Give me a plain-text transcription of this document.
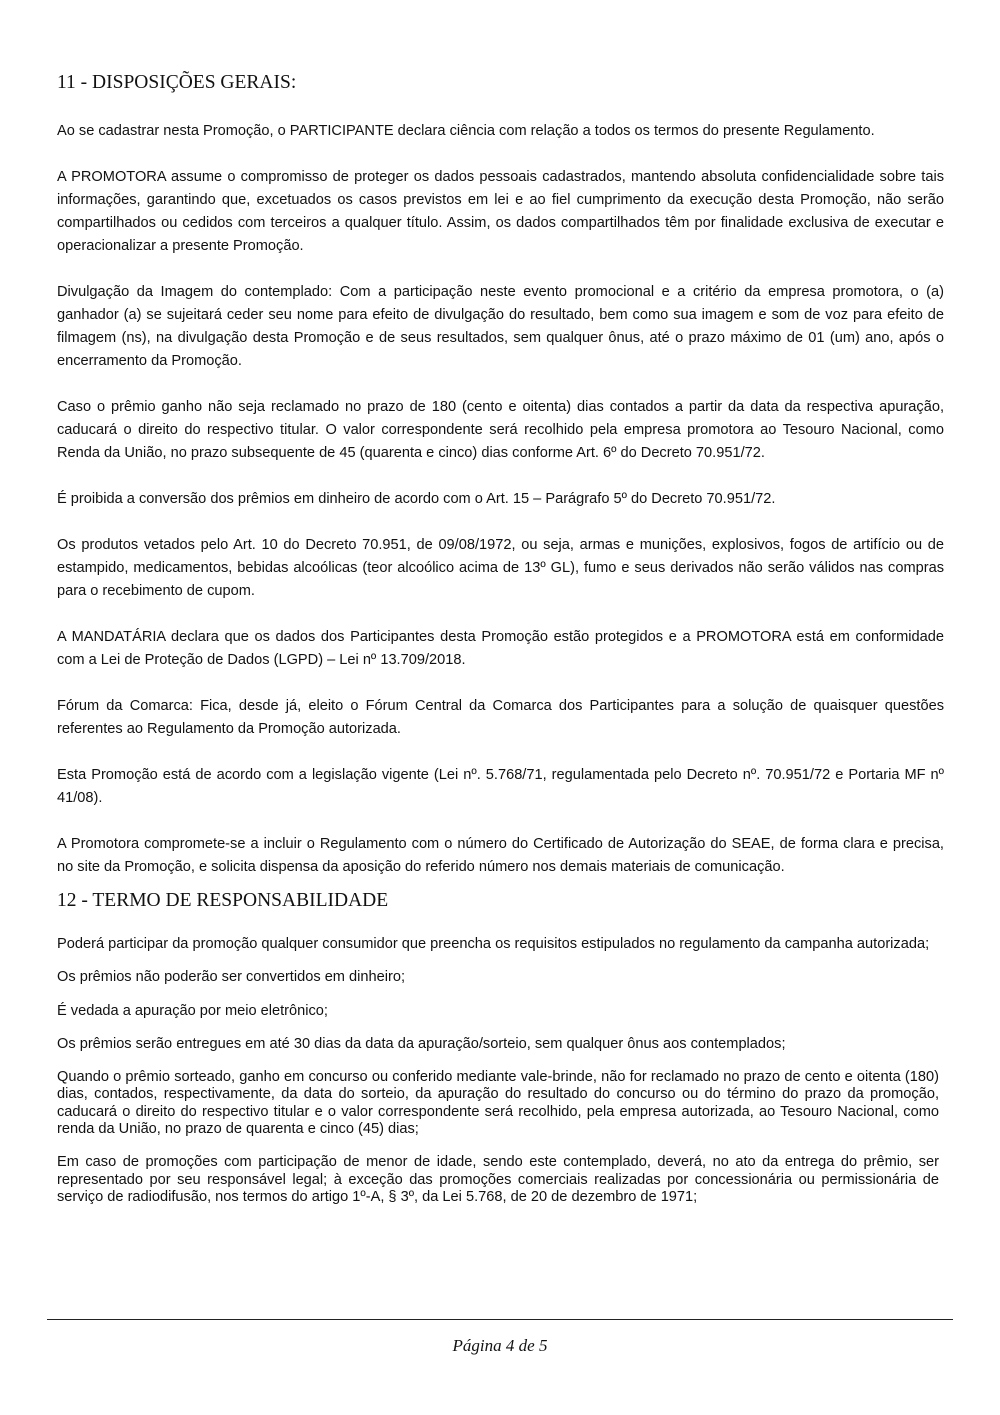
11 - DISPOSIÇÕES GERAIS:

Ao se cadastrar nesta Promoção, o PARTICIPANTE declara ciência com relação a todos os termos do presente Regulamento.

A PROMOTORA assume o compromisso de proteger os dados pessoais cadastrados, mantendo absoluta confidencialidade sobre tais informações, garantindo que, excetuados os casos previstos em lei e ao fiel cumprimento da execução desta Promoção, não serão compartilhados ou cedidos com terceiros a qualquer título. Assim, os dados compartilhados têm por finalidade exclusiva de executar e operacionalizar a presente Promoção.

Divulgação da Imagem do contemplado: Com a participação neste evento promocional e a critério da empresa promotora, o (a) ganhador (a) se sujeitará ceder seu nome para efeito de divulgação do resultado, bem como sua imagem e som de voz para efeito de filmagem (ns), na divulgação desta Promoção e de seus resultados, sem qualquer ônus, até o prazo máximo de 01 (um) ano, após o encerramento da Promoção.

Caso o prêmio ganho não seja reclamado no prazo de 180 (cento e oitenta) dias contados a partir da data da respectiva apuração, caducará o direito do respectivo titular. O valor correspondente será recolhido pela empresa promotora ao Tesouro Nacional, como Renda da União, no prazo subsequente de 45 (quarenta e cinco) dias conforme Art. 6º do Decreto 70.951/72.

É proibida a conversão dos prêmios em dinheiro de acordo com o Art. 15 – Parágrafo 5º do Decreto 70.951/72.

Os produtos vetados pelo Art. 10 do Decreto 70.951, de 09/08/1972, ou seja, armas e munições, explosivos, fogos de artifício ou de estampido, medicamentos, bebidas alcoólicas (teor alcoólico acima de 13º GL), fumo e seus derivados não serão válidos nas compras para o recebimento de cupom.

A MANDATÁRIA declara que os dados dos Participantes desta Promoção estão protegidos e a PROMOTORA está em conformidade com a Lei de Proteção de Dados (LGPD) – Lei nº 13.709/2018.

Fórum da Comarca: Fica, desde já, eleito o Fórum Central da Comarca dos Participantes para a solução de quaisquer questões referentes ao Regulamento da Promoção autorizada.

Esta Promoção está de acordo com a legislação vigente (Lei nº. 5.768/71, regulamentada pelo Decreto nº. 70.951/72 e Portaria MF nº 41/08).

A Promotora compromete-se a incluir o Regulamento com o número do Certificado de Autorização do SEAE, de forma clara e precisa, no site da Promoção, e solicita dispensa da aposição do referido número nos demais materiais de comunicação.

12 - TERMO DE RESPONSABILIDADE

Poderá participar da promoção qualquer consumidor que preencha os requisitos estipulados no regulamento da campanha autorizada;

Os prêmios não poderão ser convertidos em dinheiro;

É vedada a apuração por meio eletrônico;

Os prêmios serão entregues em até 30 dias da data da apuração/sorteio, sem qualquer ônus aos contemplados;

Quando o prêmio sorteado, ganho em concurso ou conferido mediante vale-brinde, não for reclamado no prazo de cento e oitenta (180) dias, contados, respectivamente, da data do sorteio, da apuração do resultado do concurso ou do término do prazo da promoção, caducará o direito do respectivo titular e o valor correspondente será recolhido, pela empresa autorizada, ao Tesouro Nacional, como renda da União, no prazo de quarenta e cinco (45) dias;

Em caso de promoções com participação de menor de idade, sendo este contemplado, deverá, no ato da entrega do prêmio, ser representado por seu responsável legal; à exceção das promoções comerciais realizadas por concessionária ou permissionária de serviço de radiodifusão, nos termos do artigo 1º-A, § 3º, da Lei 5.768, de 20 de dezembro de 1971;

Página 4 de 5
